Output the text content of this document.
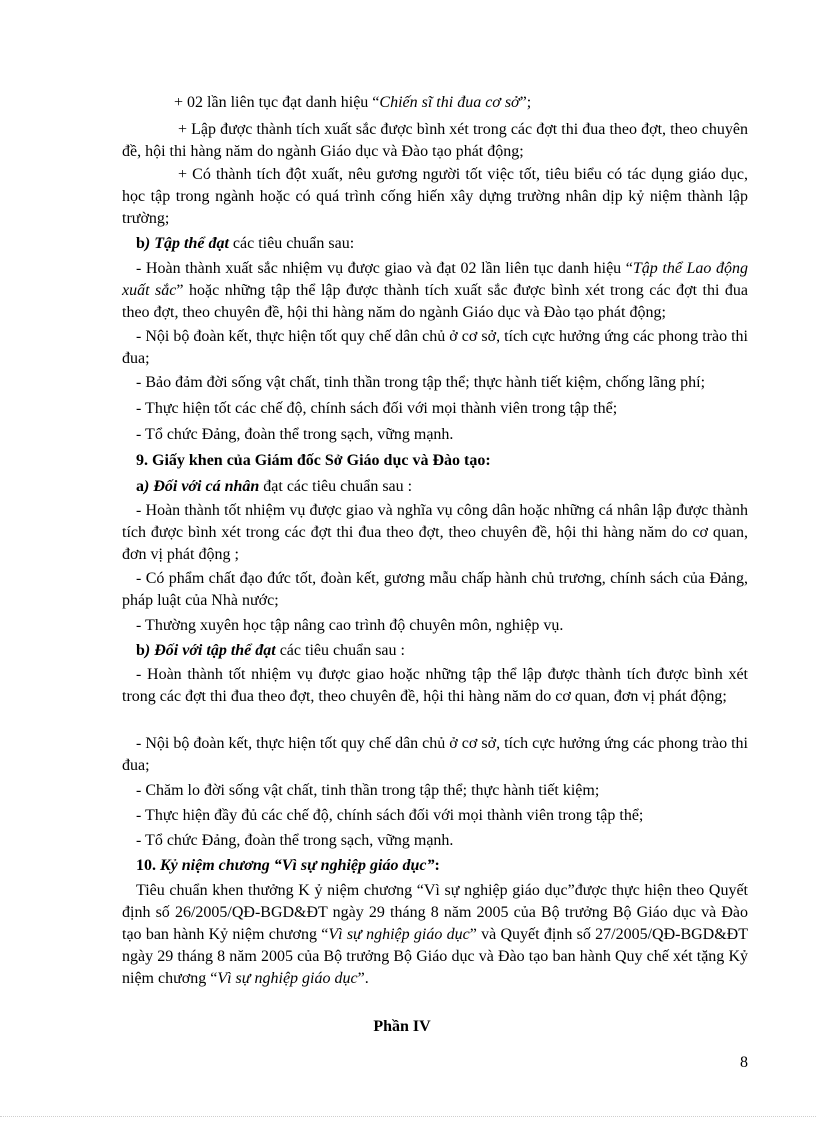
+ 02 lần liên tục đạt danh hiệu “Chiến sĩ thi đua cơ sở”;

+ Lập được thành tích xuất sắc được bình xét trong các đợt thi đua theo đợt, theo chuyên đề, hội thi hàng năm do ngành Giáo dục và Đào tạo phát động;

+ Có thành tích đột xuất, nêu gương người tốt việc tốt, tiêu biểu có tác dụng giáo dục, học tập trong ngành hoặc có quá trình cống hiến xây dựng trường nhân dịp kỷ niệm thành lập trường;

b) Tập thể đạt các tiêu chuẩn sau:

- Hoàn thành xuất sắc nhiệm vụ được giao và đạt 02 lần liên tục danh hiệu “Tập thể Lao động xuất sắc” hoặc những tập thể lập được thành tích xuất sắc được bình xét trong các đợt thi đua theo đợt, theo chuyên đề, hội thi hàng năm do ngành Giáo dục và Đào tạo phát động;

- Nội bộ đoàn kết, thực hiện tốt quy chế dân chủ ở cơ sở, tích cực hưởng ứng các phong trào thi đua;

- Bảo đảm đời sống vật chất, tinh thần trong tập thể; thực hành tiết kiệm, chống lãng phí;

- Thực hiện tốt các chế độ, chính sách đối với mọi thành viên trong tập thể;

- Tổ chức Đảng, đoàn thể trong sạch, vững mạnh.

9. Giấy khen của Giám đốc Sở Giáo dục và Đào tạo:

a) Đối với cá nhân đạt các tiêu chuẩn sau :

- Hoàn thành tốt nhiệm vụ được giao và nghĩa vụ công dân hoặc những cá nhân lập được thành tích được bình xét trong các đợt thi đua theo đợt, theo chuyên đề, hội thi hàng năm do cơ quan, đơn vị phát động ;

- Có phẩm chất đạo đức tốt, đoàn kết, gương mẫu chấp hành chủ trương, chính sách của Đảng, pháp luật của Nhà nước;

- Thường xuyên học tập nâng cao trình độ chuyên môn, nghiệp vụ.

b) Đối với tập thể đạt các tiêu chuẩn sau :

- Hoàn thành tốt nhiệm vụ được giao hoặc những tập thể lập được thành tích được bình xét trong các đợt thi đua theo đợt, theo chuyên đề, hội thi hàng năm do cơ quan, đơn vị phát động;

- Nội bộ đoàn kết, thực hiện tốt quy chế dân chủ ở cơ sở, tích cực hưởng ứng các phong trào thi đua;

- Chăm lo đời sống vật chất, tinh thần trong tập thể; thực hành tiết kiệm;

- Thực hiện đầy đủ các chế độ, chính sách đối với mọi thành viên trong tập thể;

- Tổ chức Đảng, đoàn thể trong sạch, vững mạnh.

10. Kỷ niệm chương “Vì sự nghiệp giáo dục”:

Tiêu chuẩn khen thưởng K ỷ niệm chương “Vì sự nghiệp giáo dục”được thực hiện theo Quyết định số 26/2005/QĐ-BGD&ĐT ngày 29 tháng 8 năm 2005 của Bộ trưởng Bộ Giáo dục và Đào tạo ban hành Kỷ niệm chương “Vì sự nghiệp giáo dục” và Quyết định số 27/2005/QĐ-BGD&ĐT ngày 29 tháng 8 năm 2005 của Bộ trưởng Bộ Giáo dục và Đào tạo ban hành Quy chế xét tặng Kỷ niệm chương “Vì sự nghiệp giáo dục”.

Phần IV

8
